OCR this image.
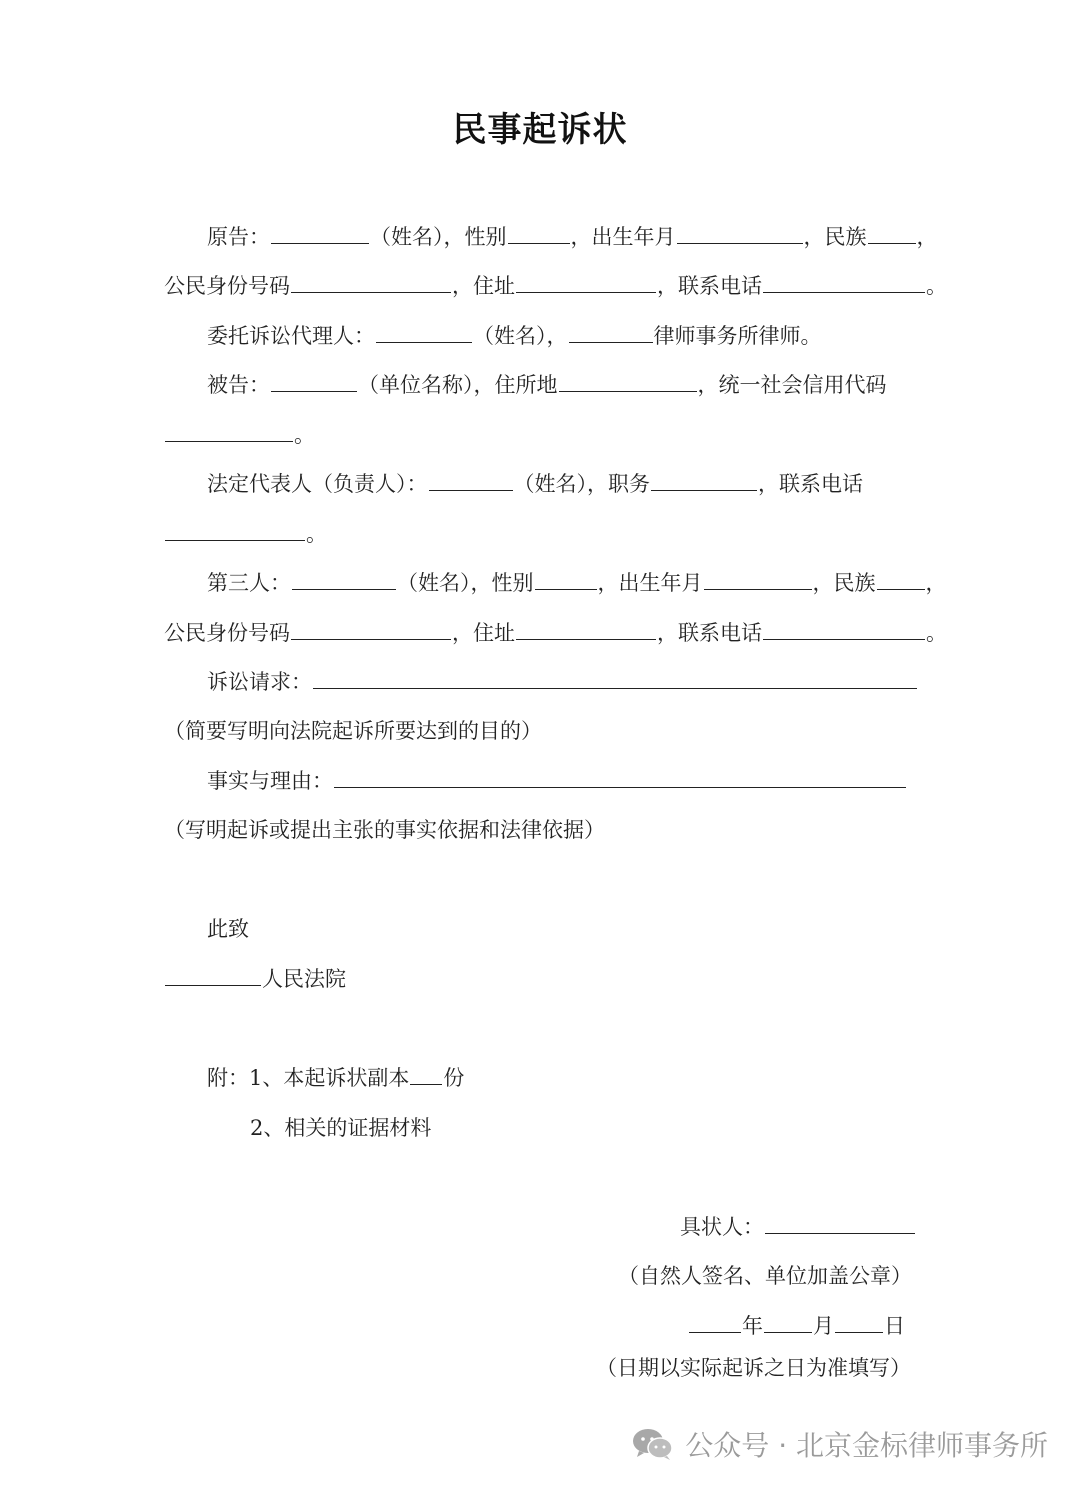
民事起诉状
原告：	（姓名），性别	，出生年月	，民族 ，
公民身份号码	，住址	，联系电话	。
委托诉讼代理人：	（姓名），	律师事务所律师。
被告：	（单位名称），住所地	，统一社会信用代码
。
法定代表人（负责人）：	（姓名），职务	，联系电话
。
第三人：	（姓名），性别	，出生年月	，民族 ，
公民身份号码	，住址	，联系电话	。
诉讼请求：
（简要写明向法院起诉所要达到的目的）
事实与理由：
（写明起诉或提出主张的事实依据和法律依据）
此致
人民法院
附：1、本起诉状副本 份
2、相关的证据材料
具状人：
（自然人签名、单位加盖公章）
年 月 日
（日期以实际起诉之日为准填写）
公众号 · 北京金标律师事务所
